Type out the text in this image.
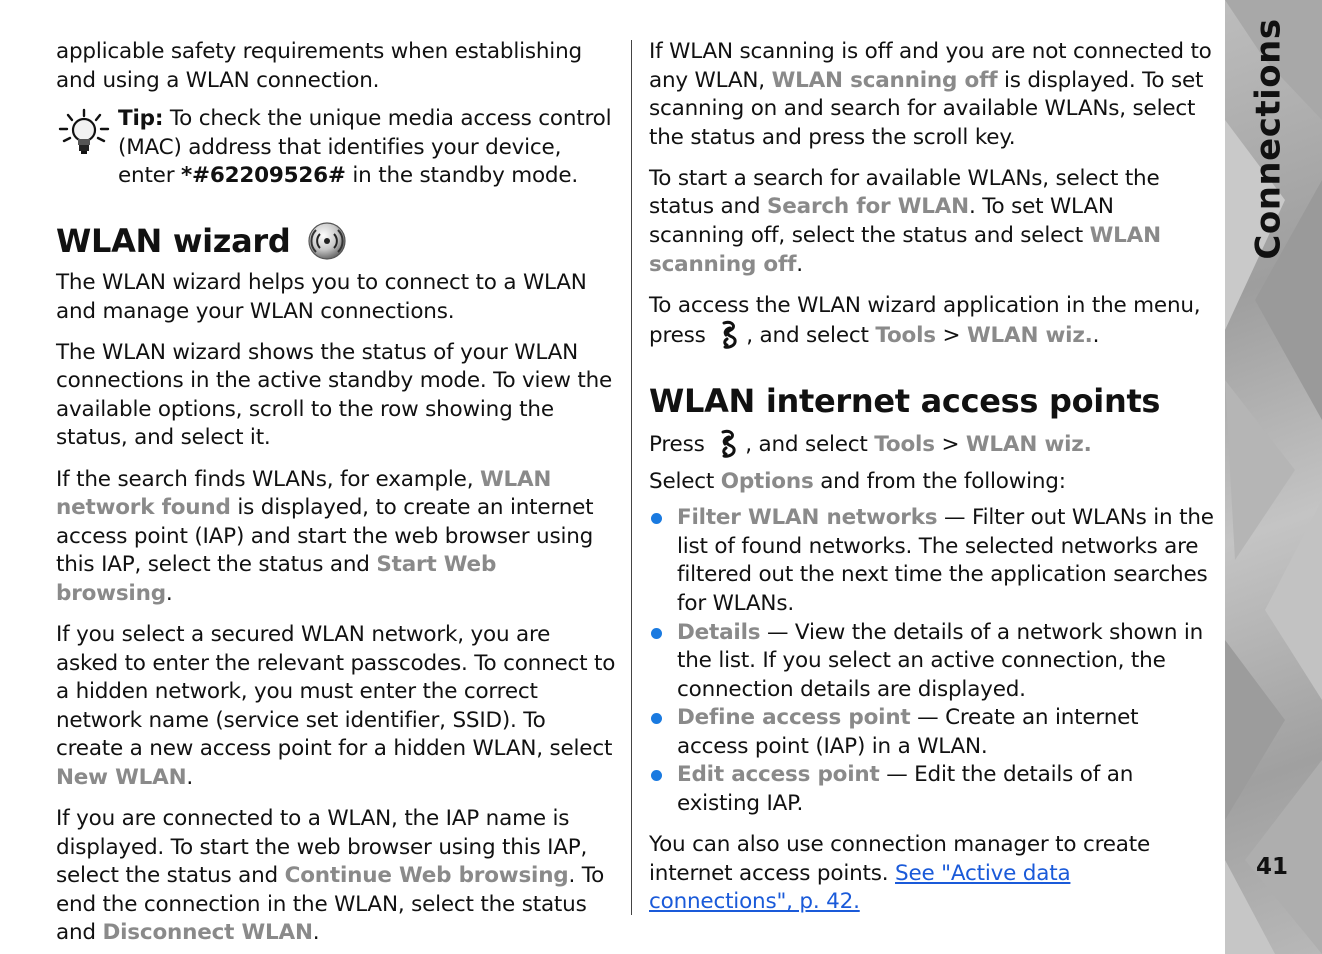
applicable safety requirements when establishing and using a WLAN connection.

Tip: To check the unique media access control (MAC) address that identifies your device, enter *#62209526# in the standby mode.

WLAN wizard

The WLAN wizard helps you to connect to a WLAN and manage your WLAN connections.

The WLAN wizard shows the status of your WLAN connections in the active standby mode. To view the available options, scroll to the row showing the status, and select it.

If the search finds WLANs, for example, WLAN network found is displayed, to create an internet access point (IAP) and start the web browser using this IAP, select the status and Start Web browsing.

If you select a secured WLAN network, you are asked to enter the relevant passcodes. To connect to a hidden network, you must enter the correct network name (service set identifier, SSID). To create a new access point for a hidden WLAN, select New WLAN.

If you are connected to a WLAN, the IAP name is displayed. To start the web browser using this IAP, select the status and Continue Web browsing. To end the connection in the WLAN, select the status and Disconnect WLAN.

If WLAN scanning is off and you are not connected to any WLAN, WLAN scanning off is displayed. To set scanning on and search for available WLANs, select the status and press the scroll key.

To start a search for available WLANs, select the status and Search for WLAN. To set WLAN scanning off, select the status and select WLAN scanning off.

To access the WLAN wizard application in the menu, press , and select Tools > WLAN wiz..

WLAN internet access points

Press , and select Tools > WLAN wiz.

Select Options and from the following:

Filter WLAN networks — Filter out WLANs in the list of found networks. The selected networks are filtered out the next time the application searches for WLANs.
Details — View the details of a network shown in the list. If you select an active connection, the connection details are displayed.
Define access point — Create an internet access point (IAP) in a WLAN.
Edit access point — Edit the details of an existing IAP.

You can also use connection manager to create internet access points. See "Active data connections", p. 42.

Connections
41
